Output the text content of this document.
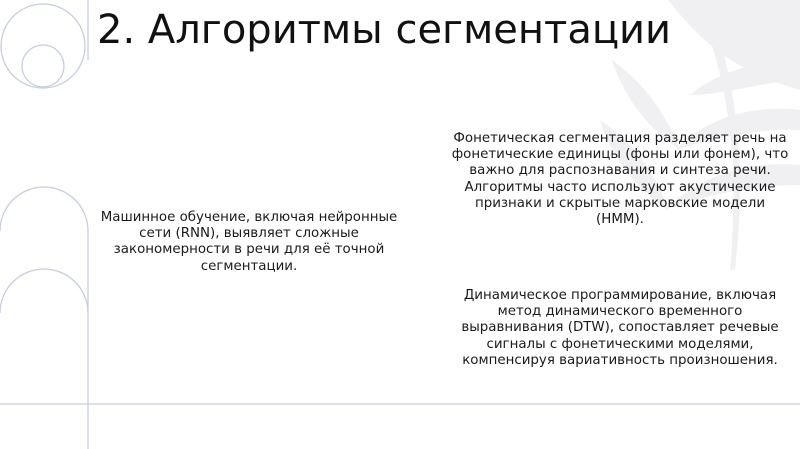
2. Алгоритмы сегментации

Машинное обучение, включая нейронные сети (RNN), выявляет сложные закономерности в речи для её точной сегментации.

Фонетическая сегментация разделяет речь на фонетические единицы (фоны или фонем), что важно для распознавания и синтеза речи. Алгоритмы часто используют акустические признаки и скрытые марковские модели (HMM).

Динамическое программирование, включая метод динамического временного выравнивания (DTW), сопоставляет речевые сигналы с фонетическими моделями, компенсируя вариативность произношения.
